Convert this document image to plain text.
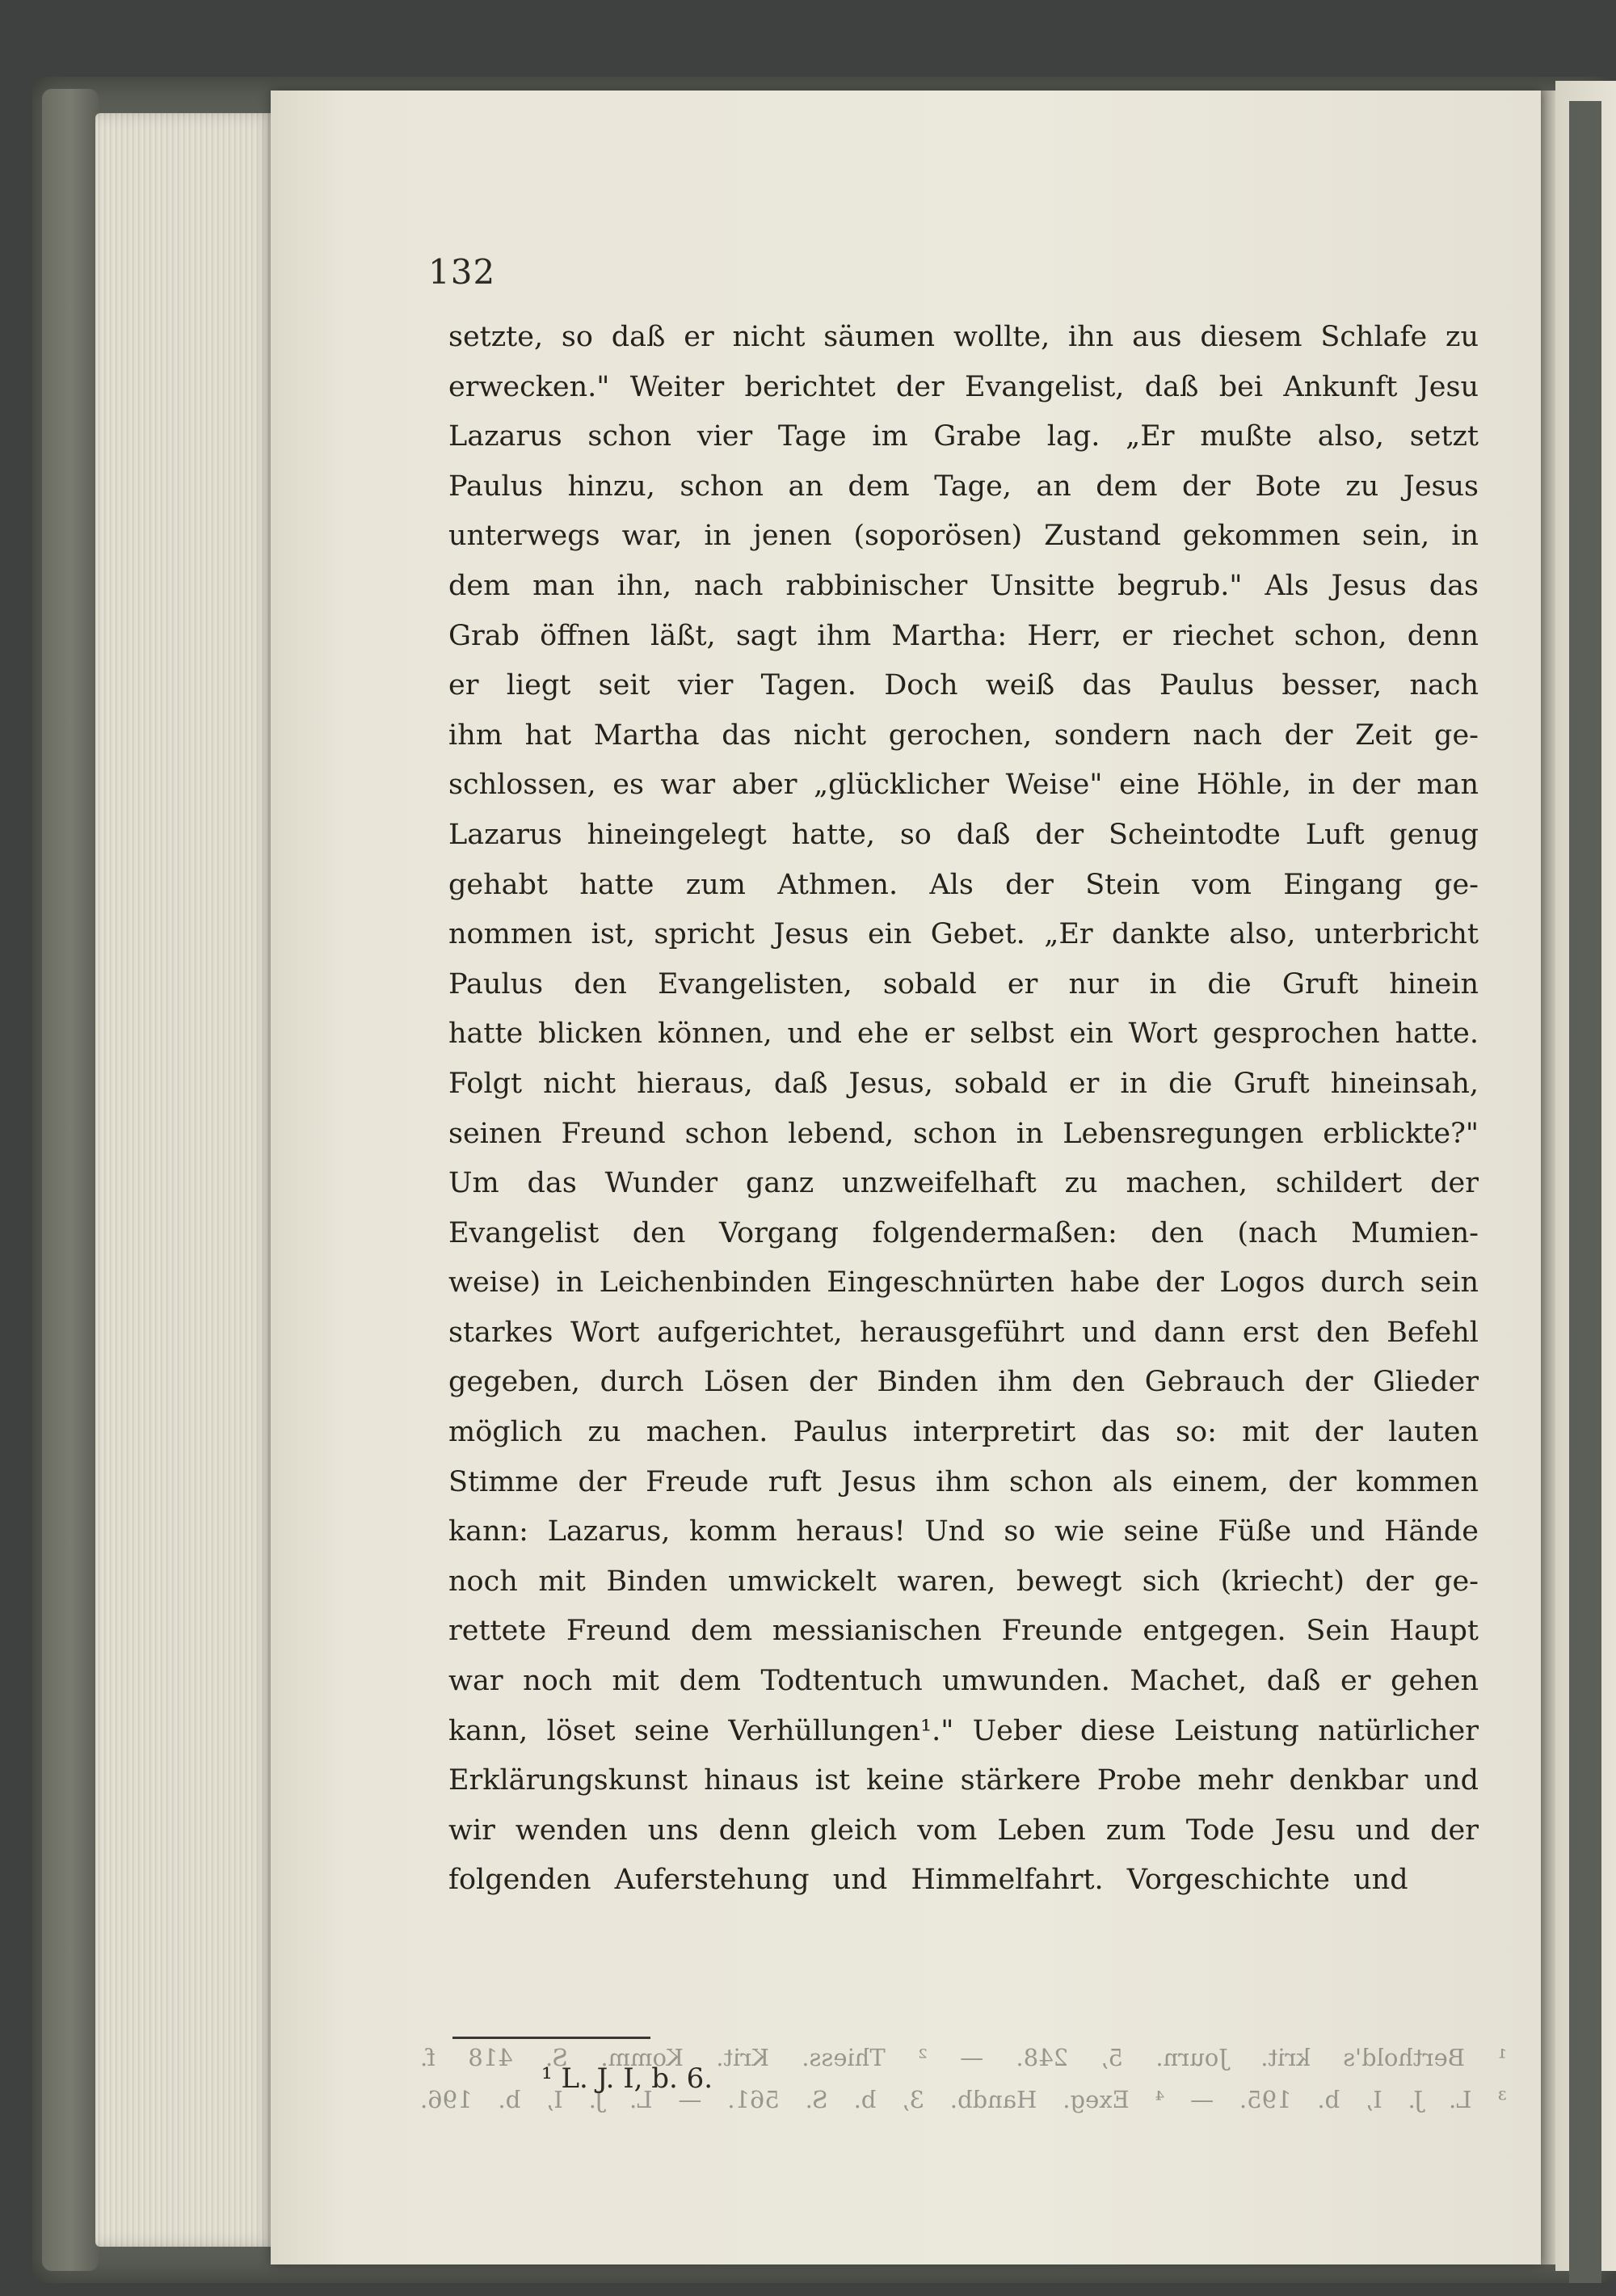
132
setzte, so daß er nicht säumen wollte, ihn aus diesem Schlafe zu
erwecken." Weiter berichtet der Evangelist, daß bei Ankunft Jesu
Lazarus schon vier Tage im Grabe lag. „Er mußte also, setzt
Paulus hinzu, schon an dem Tage, an dem der Bote zu Jesus
unterwegs war, in jenen (soporösen) Zustand gekommen sein, in
dem man ihn, nach rabbinischer Unsitte begrub." Als Jesus das
Grab öffnen läßt, sagt ihm Martha: Herr, er riechet schon, denn
er liegt seit vier Tagen. Doch weiß das Paulus besser, nach
ihm hat Martha das nicht gerochen, sondern nach der Zeit ge-
schlossen, es war aber „glücklicher Weise" eine Höhle, in der man
Lazarus hineingelegt hatte, so daß der Scheintodte Luft genug
gehabt hatte zum Athmen. Als der Stein vom Eingang ge-
nommen ist, spricht Jesus ein Gebet. „Er dankte also, unterbricht
Paulus den Evangelisten, sobald er nur in die Gruft hinein
hatte blicken können, und ehe er selbst ein Wort gesprochen hatte.
Folgt nicht hieraus, daß Jesus, sobald er in die Gruft hineinsah,
seinen Freund schon lebend, schon in Lebensregungen erblickte?"
Um das Wunder ganz unzweifelhaft zu machen, schildert der
Evangelist den Vorgang folgendermaßen: den (nach Mumien-
weise) in Leichenbinden Eingeschnürten habe der Logos durch sein
starkes Wort aufgerichtet, herausgeführt und dann erst den Befehl
gegeben, durch Lösen der Binden ihm den Gebrauch der Glieder
möglich zu machen. Paulus interpretirt das so: mit der lauten
Stimme der Freude ruft Jesus ihm schon als einem, der kommen
kann: Lazarus, komm heraus! Und so wie seine Füße und Hände
noch mit Binden umwickelt waren, bewegt sich (kriecht) der ge-
rettete Freund dem messianischen Freunde entgegen. Sein Haupt
war noch mit dem Todtentuch umwunden. Machet, daß er gehen
kann, löset seine Verhüllungen¹." Ueber diese Leistung natürlicher
Erklärungskunst hinaus ist keine stärkere Probe mehr denkbar und
wir wenden uns denn gleich vom Leben zum Tode Jesu und der
folgenden Auferstehung und Himmelfahrt. Vorgeschichte und
¹ Berthold's krit. Journ. 5, 248. — ² Thiess. Krit. Komm. S. 418 f.
³ L. J. I, b. 195. — ⁴ Exeg. Handb. 3, b. S. 561. — L. J. I, b. 196.
¹ L. J. I, b. 6.
